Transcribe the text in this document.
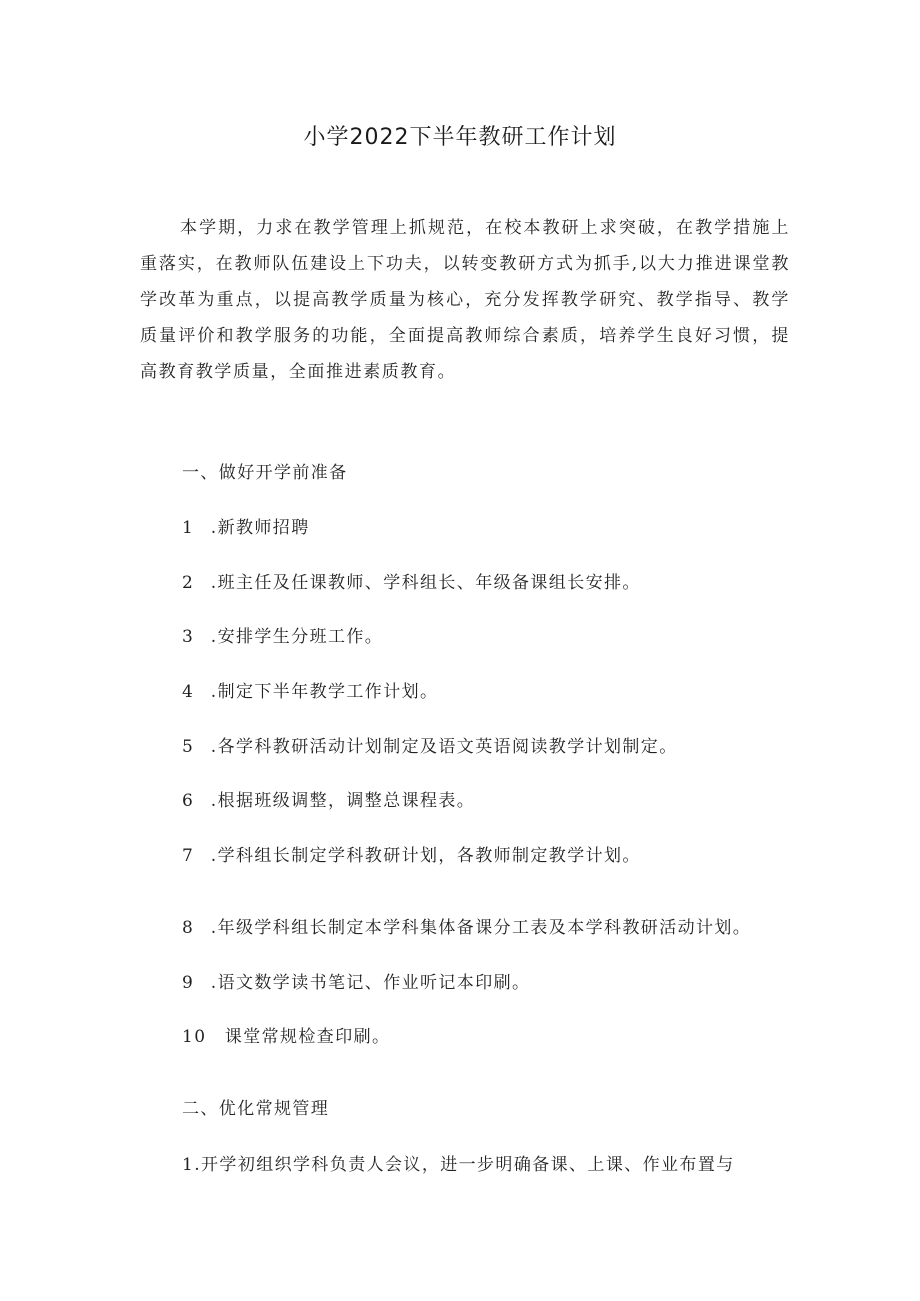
小学2022下半年教研工作计划

本学期，力求在教学管理上抓规范，在校本教研上求突破，在教学措施上重落实，在教师队伍建设上下功夫，以转变教研方式为抓手,以大力推进课堂教学改革为重点，以提高教学质量为核心，充分发挥教学研究、教学指导、教学质量评价和教学服务的功能，全面提高教师综合素质，培养学生良好习惯，提高教育教学质量，全面推进素质教育。

一、做好开学前准备
1 .新教师招聘
2 .班主任及任课教师、学科组长、年级备课组长安排。
3 .安排学生分班工作。
4 .制定下半年教学工作计划。
5 .各学科教研活动计划制定及语文英语阅读教学计划制定。
6 .根据班级调整，调整总课程表。
7 .学科组长制定学科教研计划，各教师制定教学计划。
8 .年级学科组长制定本学科集体备课分工表及本学科教研活动计划。
9 .语文数学读书笔记、作业听记本印刷。
10 课堂常规检查印刷。
二、优化常规管理

1.开学初组织学科负责人会议，进一步明确备课、上课、作业布置与
